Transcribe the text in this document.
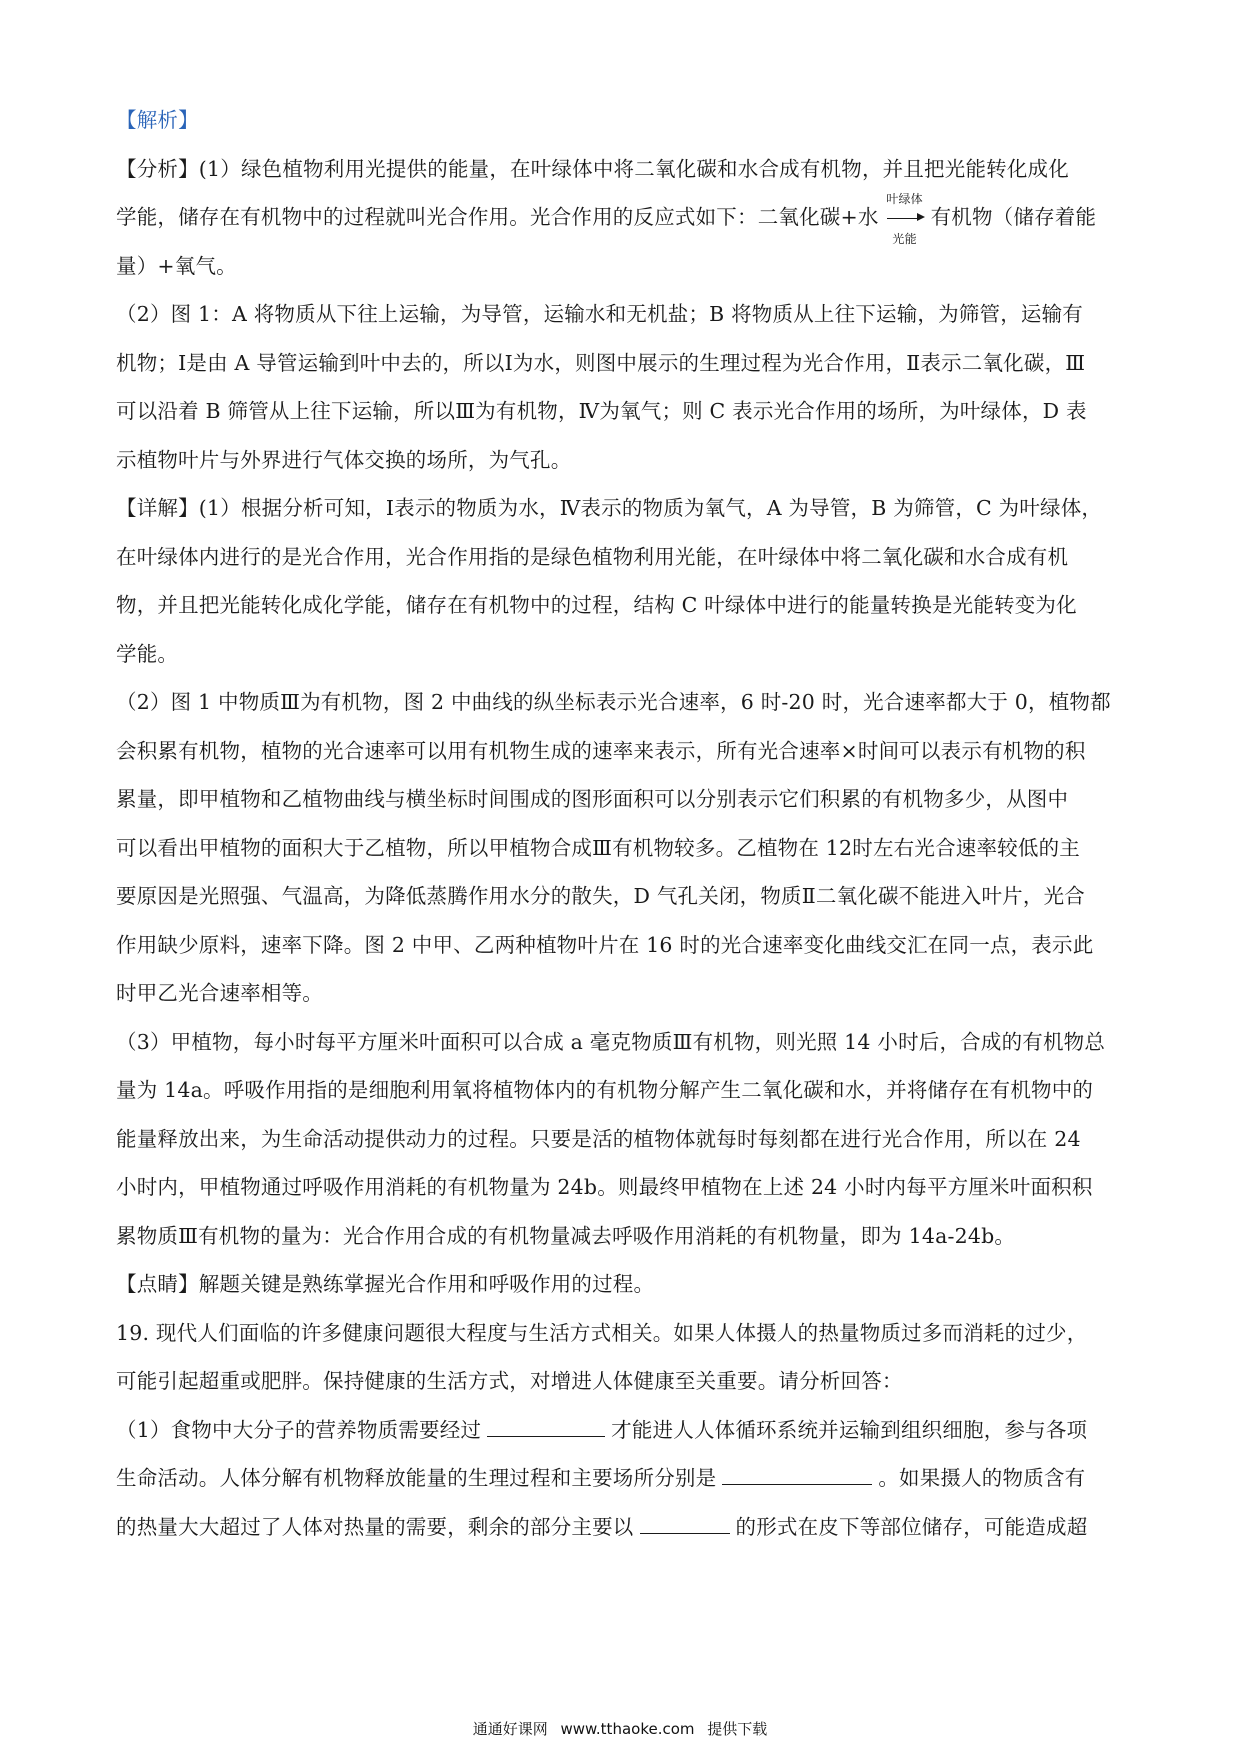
【解析】
【分析】(1）绿色植物利用光提供的能量，在叶绿体中将二氧化碳和水合成有机物，并且把光能转化成化
学能，储存在有机物中的过程就叫光合作用。光合作用的反应式如下：二氧化碳+水
叶绿体
光能
有机物（储存着能
量）+氧气。
（2）图 1：A 将物质从下往上运输，为导管，运输水和无机盐；B 将物质从上往下运输，为筛管，运输有
机物；Ⅰ是由 A 导管运输到叶中去的，所以Ⅰ为水，则图中展示的生理过程为光合作用，Ⅱ表示二氧化碳，Ⅲ
可以沿着 B 筛管从上往下运输，所以Ⅲ为有机物，Ⅳ为氧气；则 C 表示光合作用的场所，为叶绿体，D 表
示植物叶片与外界进行气体交换的场所，为气孔。
【详解】(1）根据分析可知，Ⅰ表示的物质为水，Ⅳ表示的物质为氧气，A 为导管，B 为筛管，C 为叶绿体，
在叶绿体内进行的是光合作用，光合作用指的是绿色植物利用光能，在叶绿体中将二氧化碳和水合成有机
物，并且把光能转化成化学能，储存在有机物中的过程，结构 C 叶绿体中进行的能量转换是光能转变为化
学能。
（2）图 1 中物质Ⅲ为有机物，图 2 中曲线的纵坐标表示光合速率，6 时-20 时，光合速率都大于 0，植物都
会积累有机物，植物的光合速率可以用有机物生成的速率来表示，所有光合速率×时间可以表示有机物的积
累量，即甲植物和乙植物曲线与横坐标时间围成的图形面积可以分别表示它们积累的有机物多少，从图中
可以看出甲植物的面积大于乙植物，所以甲植物合成Ⅲ有机物较多。乙植物在 12时左右光合速率较低的主
要原因是光照强、气温高，为降低蒸腾作用水分的散失，D 气孔关闭，物质Ⅱ二氧化碳不能进入叶片，光合
作用缺少原料，速率下降。图 2 中甲、乙两种植物叶片在 16 时的光合速率变化曲线交汇在同一点，表示此
时甲乙光合速率相等。
（3）甲植物，每小时每平方厘米叶面积可以合成 a 毫克物质Ⅲ有机物，则光照 14 小时后，合成的有机物总
量为 14a。呼吸作用指的是细胞利用氧将植物体内的有机物分解产生二氧化碳和水，并将储存在有机物中的
能量释放出来，为生命活动提供动力的过程。只要是活的植物体就每时每刻都在进行光合作用，所以在 24
小时内，甲植物通过呼吸作用消耗的有机物量为 24b。则最终甲植物在上述 24 小时内每平方厘米叶面积积
累物质Ⅲ有机物的量为：光合作用合成的有机物量减去呼吸作用消耗的有机物量，即为 14a-24b。
【点睛】解题关键是熟练掌握光合作用和呼吸作用的过程。
19. 现代人们面临的许多健康问题很大程度与生活方式相关。如果人体摄人的热量物质过多而消耗的过少，
可能引起超重或肥胖。保持健康的生活方式，对增进人体健康至关重要。请分析回答：
（1）食物中大分子的营养物质需要经过	才能进人人体循环系统并运输到组织细胞，参与各项
生命活动。人体分解有机物释放能量的生理过程和主要场所分别是	。如果摄人的物质含有
的热量大大超过了人体对热量的需要，剩余的部分主要以	的形式在皮下等部位储存，可能造成超
通通好课网 www.tthaoke.com 提供下载
